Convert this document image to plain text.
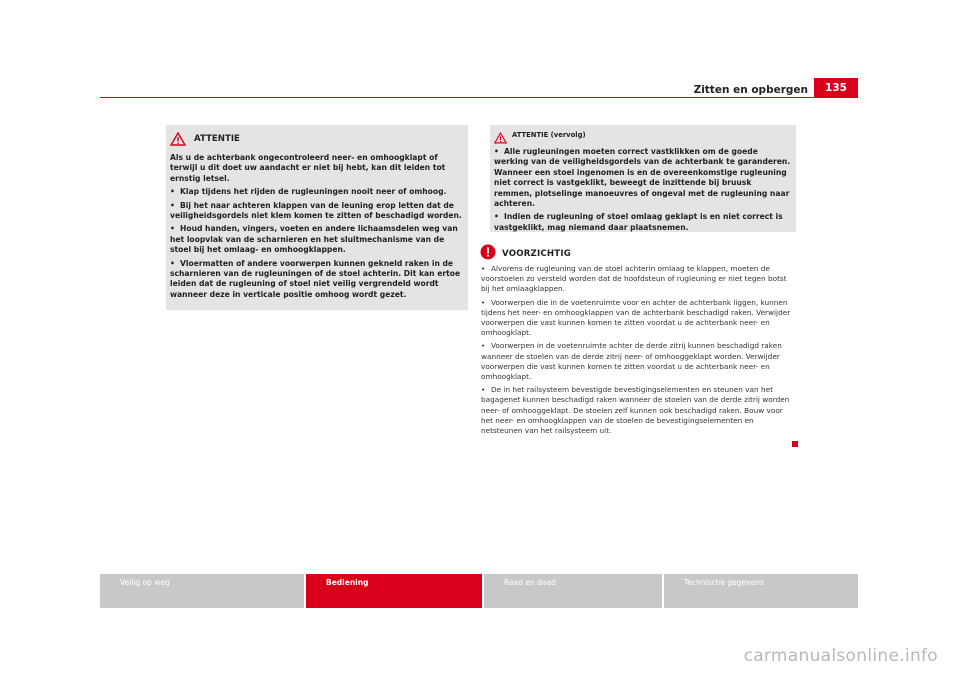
Zitten en opbergen	135
ATTENTIE

Als u de achterbank ongecontroleerd neer- en omhoogklapt of terwijl u dit doet uw aandacht er niet bij hebt, kan dit leiden tot ernstig letsel.

• Klap tijdens het rijden de rugleuningen nooit neer of omhoog.

• Bij het naar achteren klappen van de leuning erop letten dat de veiligheidsgordels niet klem komen te zitten of beschadigd worden.

• Houd handen, vingers, voeten en andere lichaamsdelen weg van het loopvlak van de scharnieren en het sluitmechanisme van de stoel bij het omlaag- en omhoogklappen.

• Vloermatten of andere voorwerpen kunnen gekneld raken in de scharnieren van de rugleuningen of de stoel achterin. Dit kan ertoe leiden dat de rugleuning of stoel niet veilig vergrendeld wordt wanneer deze in verticale positie omhoog wordt gezet.

ATTENTIE (vervolg)

• Alle rugleuningen moeten correct vastklikken om de goede werking van de veiligheidsgordels van de achterbank te garanderen. Wanneer een stoel ingenomen is en de overeenkomstige rugleuning niet correct is vastgeklikt, beweegt de inzittende bij bruusk remmen, plotselinge manoeuvres of ongeval met de rugleuning naar achteren.

• Indien de rugleuning of stoel omlaag geklapt is en niet correct is vastgeklikt, mag niemand daar plaatsnemen.

VOORZICHTIG

• Alvorens de rugleuning van de stoel achterin omlaag te klappen, moeten de voorstoelen zo versteld worden dat de hoofdsteun of rugleuning er niet tegen botst bij het omlaagklappen.

• Voorwerpen die in de voetenruimte voor en achter de achterbank liggen, kunnen tijdens het neer- en omhoogklappen van de achterbank beschadigd raken. Verwijder voorwerpen die vast kunnen komen te zitten voordat u de achterbank neer- en omhoogklapt.

• Voorwerpen in de voetenruimte achter de derde zitrij kunnen beschadigd raken wanneer de stoelen van de derde zitrij neer- of omhooggeklapt worden. Verwijder voorwerpen die vast kunnen komen te zitten voordat u de achterbank neer- en omhoogklapt.

• De in het railsysteem bevestigde bevestigingselementen en steunen van het bagagenet kunnen beschadigd raken wanneer de stoelen van de derde zitrij worden neer- of omhooggeklapt. De stoelen zelf kunnen ook beschadigd raken. Bouw voor het neer- en omhoogklappen van de stoelen de bevestigingselementen en netsteunen van het railsysteem uit.

Veilig op weg	Bediening	Raad en daad	Technische gegevens
carmanualsonline.info
